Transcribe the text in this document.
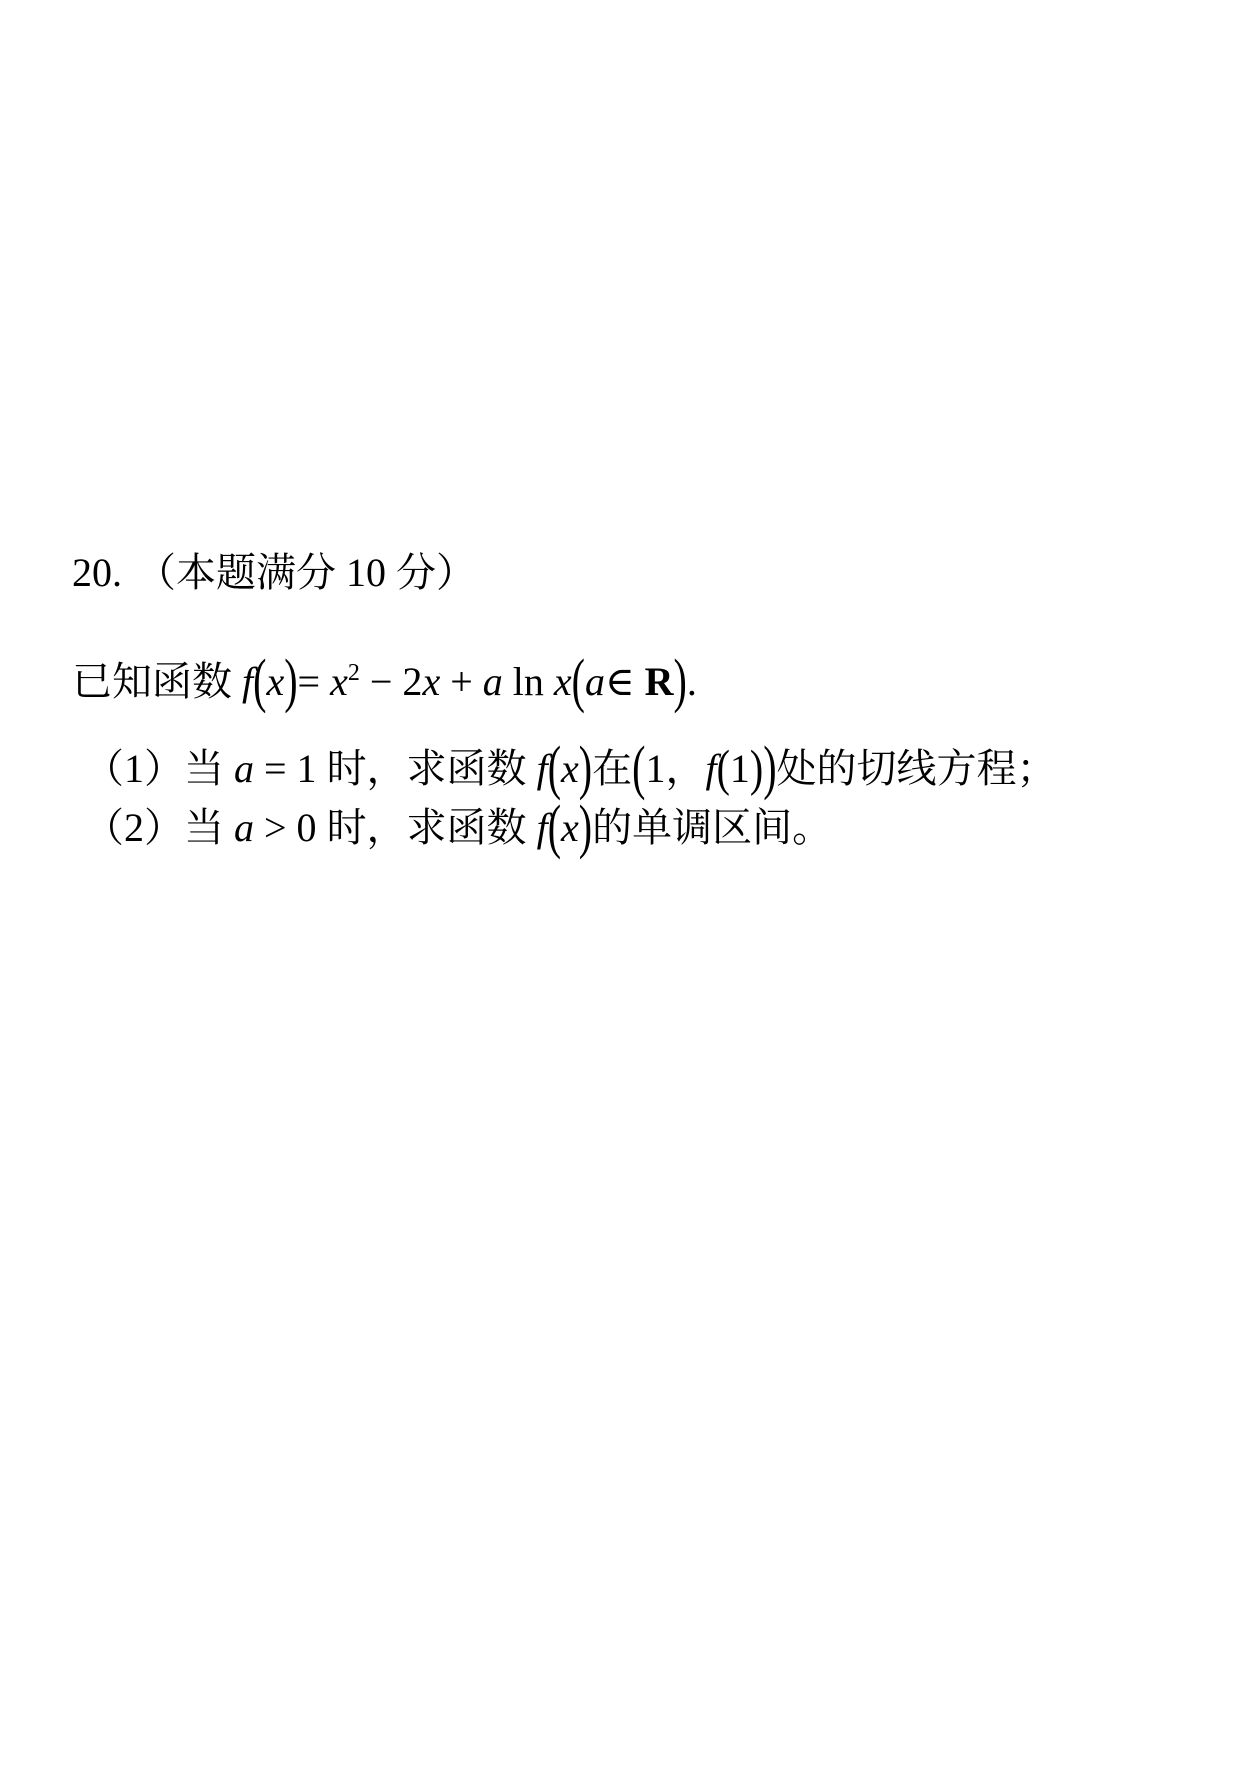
20. （本题满分 10 分）
已知函数 $f(x)= x^2 - 2x + a$ ln x(a∈ R).
（1）当 a = 1 时，求函数 f(x)在(1，f(1))处的切线方程；
（2）当 a > 0 时，求函数 f(x)的单调区间。
